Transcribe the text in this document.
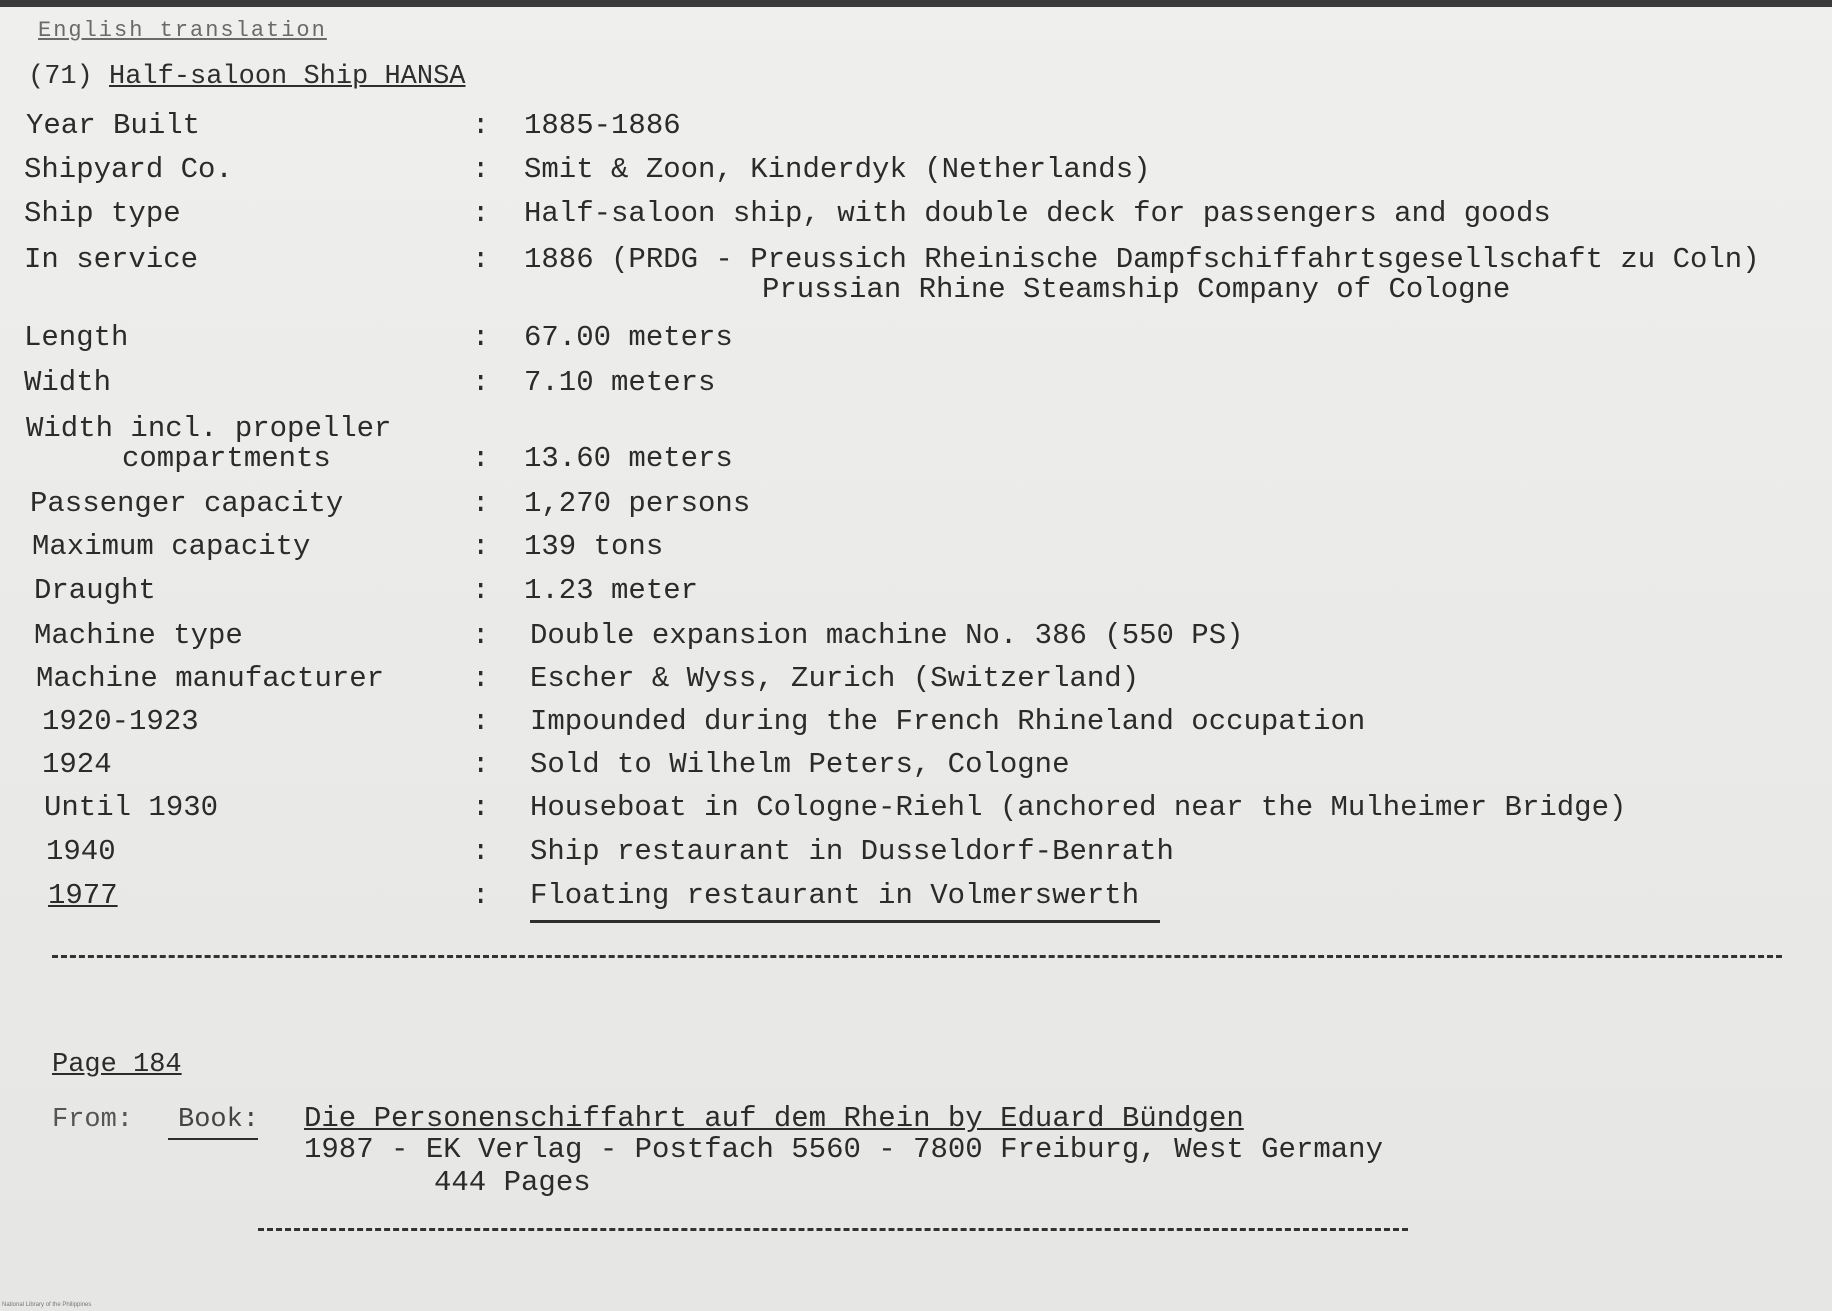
English translation
(71) Half-saloon Ship HANSA
Year Built	: 1885-1886
Shipyard Co.	: Smit & Zoon, Kinderdyk (Netherlands)
Ship type	: Half-saloon ship, with double deck for passengers and goods
In service	: 1886 (PRDG - Preussich Rheinische Dampfschiffahrtsgesellschaft zu Coln)
Prussian Rhine Steamship Company of Cologne
Length	: 67.00 meters
Width	: 7.10 meters
Width incl. propeller
compartments	: 13.60 meters
Passenger capacity	: 1,270 persons
Maximum capacity	: 139 tons
Draught	: 1.23 meter
Machine type	: Double expansion machine No. 386 (550 PS)
Machine manufacturer	: Escher & Wyss, Zurich (Switzerland)
1920-1923	: Impounded during the French Rhineland occupation
1924	: Sold to Wilhelm Peters, Cologne
Until 1930	: Houseboat in Cologne-Riehl (anchored near the Mulheimer Bridge)
1940	: Ship restaurant in Dusseldorf-Benrath
1977	: Floating restaurant in Volmerswerth
Page 184
From: Book: Die Personenschiffahrt auf dem Rhein by Eduard Bündgen
1987 - EK Verlag - Postfach 5560 - 7800 Freiburg, West Germany
444 Pages
National Library of the Philippines
